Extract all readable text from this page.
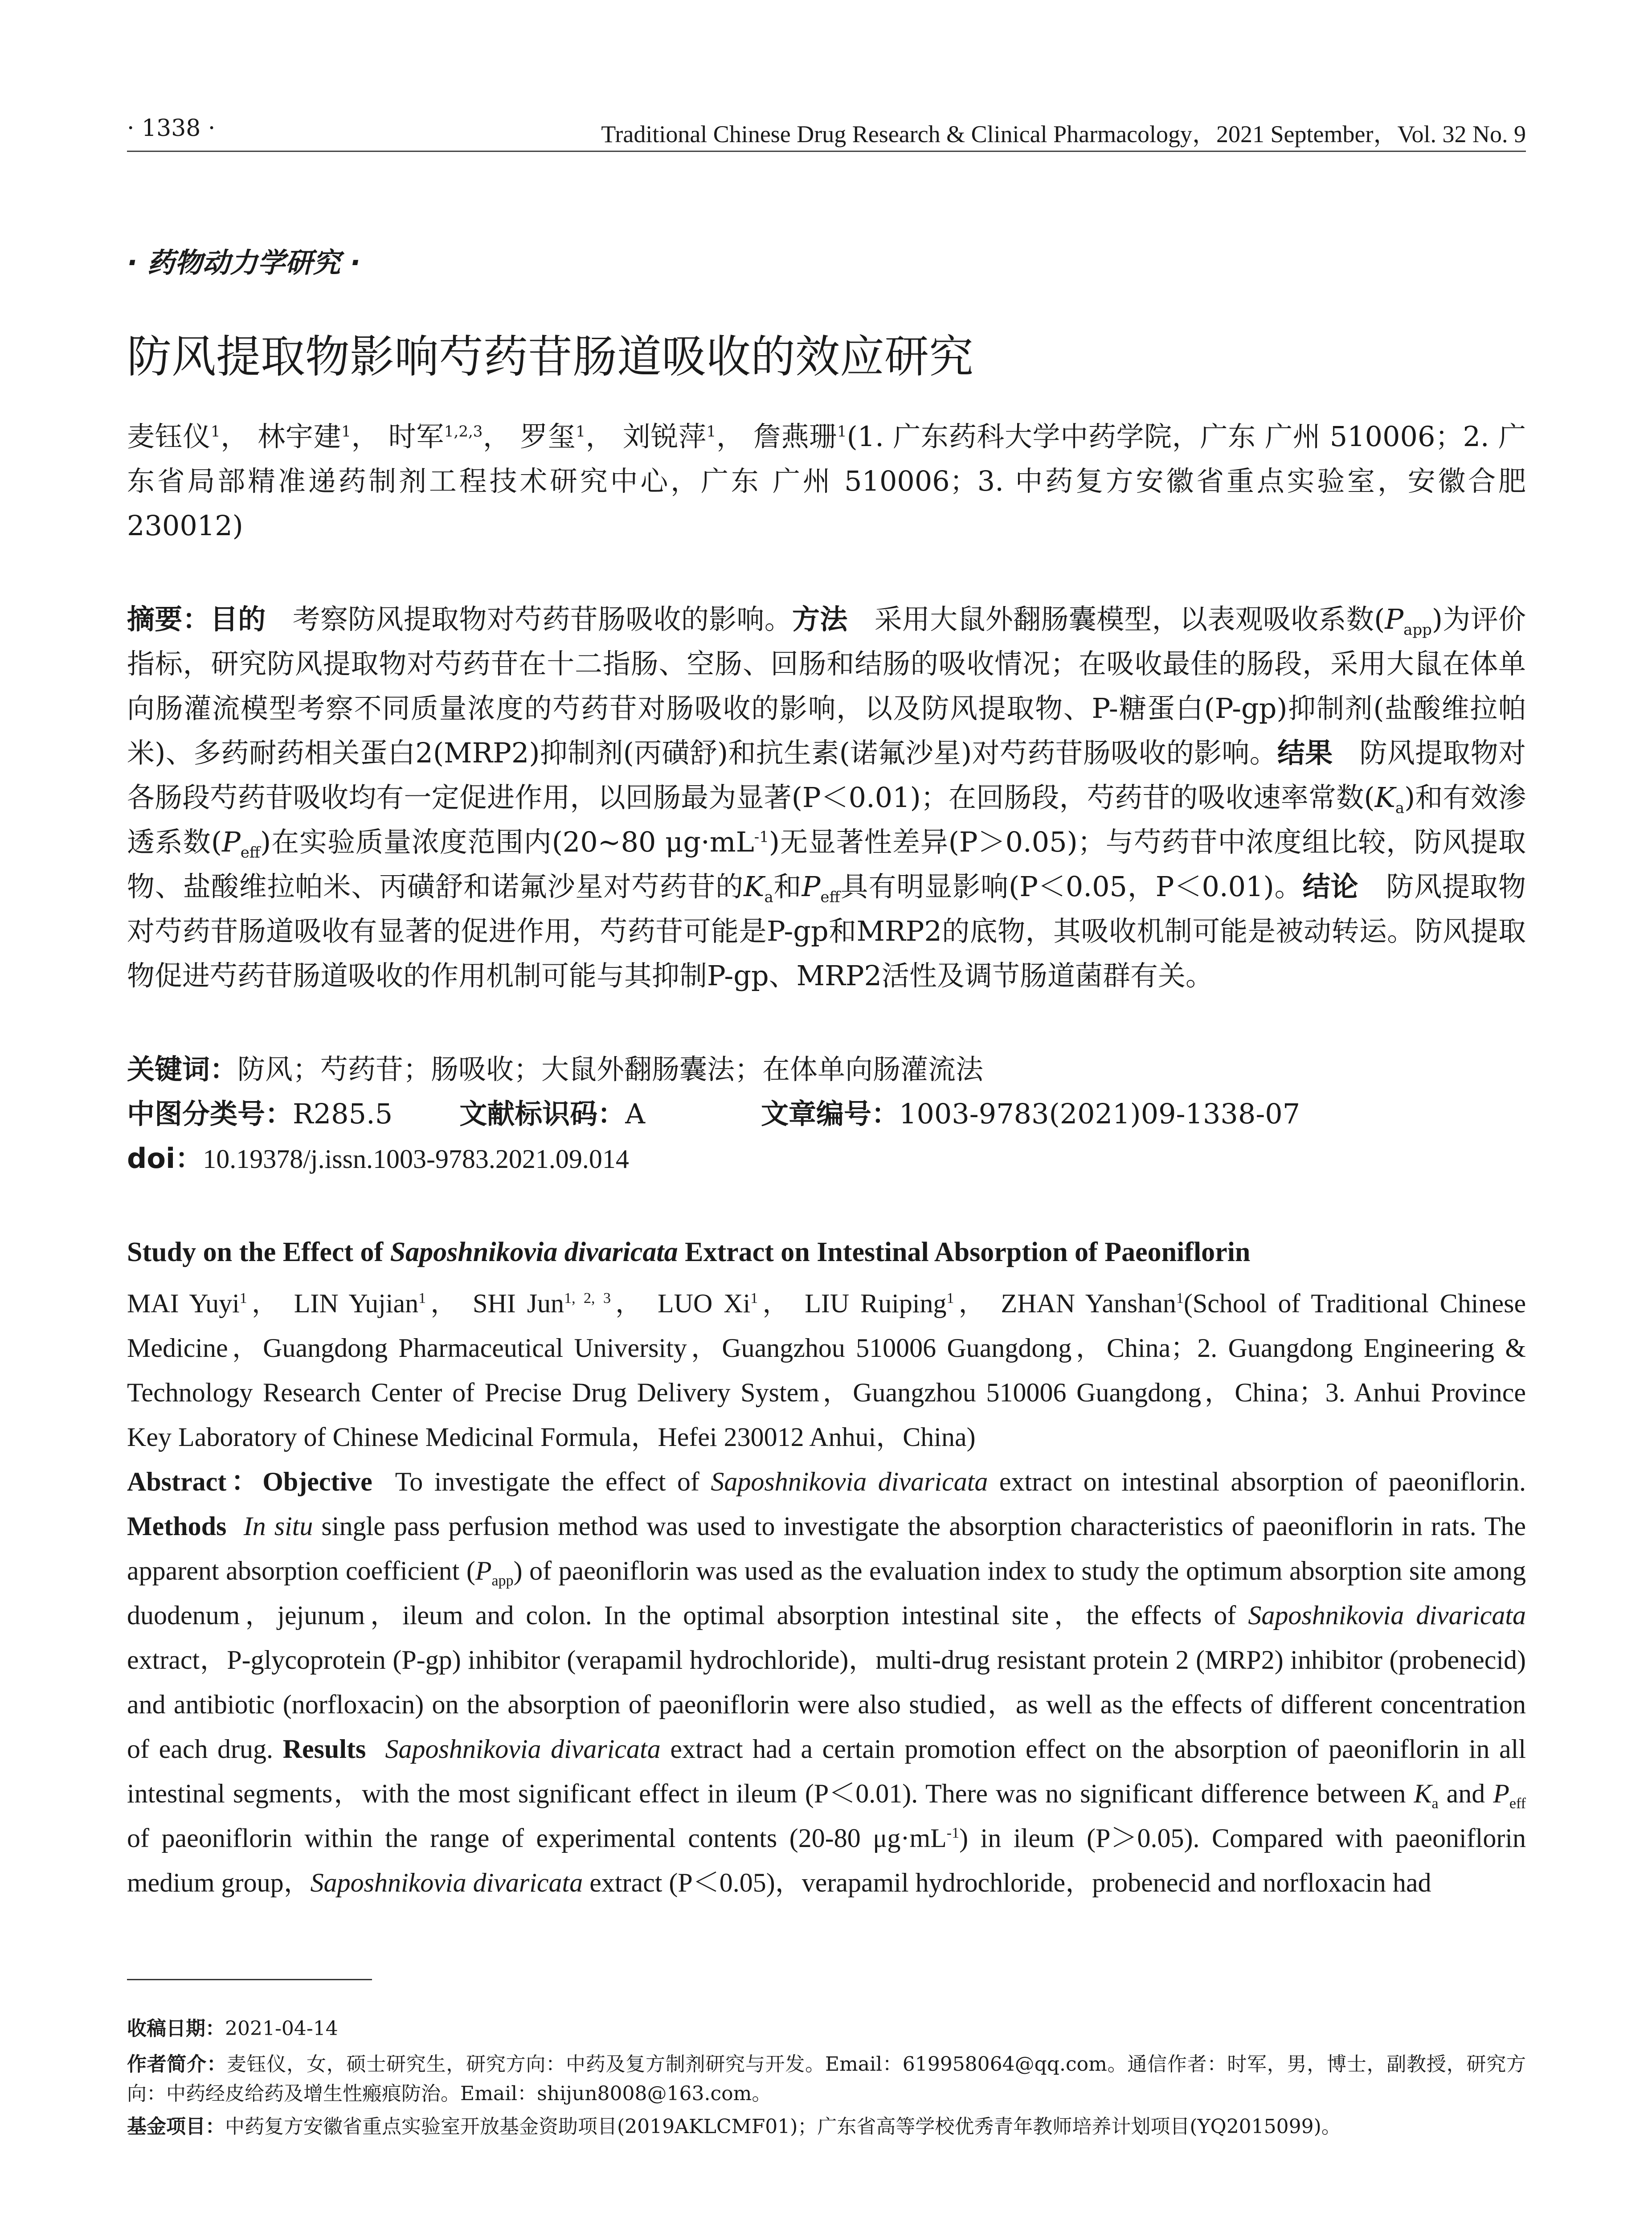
· 1338 ·	Traditional Chinese Drug Research & Clinical Pharmacology，2021 September，Vol. 32 No. 9
· 药物动力学研究 ·
防风提取物影响芍药苷肠道吸收的效应研究
麦钰仪$^1$， 林宇建$^1$， 时军$^{1,2,3}$， 罗玺$^1$， 刘锐萍$^1$， 詹燕珊$^1$(1. 广东药科大学中药学院，广东 广州 510006；2. 广东省局部精准递药制剂工程技术研究中心，广东 广州 510006；3. 中药复方安徽省重点实验室，安徽合肥 230012)
摘要：目的 考察防风提取物对芍药苷肠吸收的影响。方法 采用大鼠外翻肠囊模型，以表观吸收系数$(P_{app})$为评价指标，研究防风提取物对芍药苷在十二指肠、空肠、回肠和结肠的吸收情况；在吸收最佳的肠段，采用大鼠在体单向肠灌流模型考察不同质量浓度的芍药苷对肠吸收的影响，以及防风提取物、P-糖蛋白(P-gp)抑制剂(盐酸维拉帕米)、多药耐药相关蛋白2(MRP2)抑制剂(丙磺舒)和抗生素(诺氟沙星)对芍药苷肠吸收的影响。结果 防风提取物对各肠段芍药苷吸收均有一定促进作用，以回肠最为显著(P＜0.01)；在回肠段，芍药苷的吸收速率常数$(K_a)$和有效渗透系数$(P_{eff})$在实验质量浓度范围内(20~80 $\mu g\cdot mL^{-1}$)无显著性差异(P＞0.05)；与芍药苷中浓度组比较，防风提取物、盐酸维拉帕米、丙磺舒和诺氟沙星对芍药苷的$K_a$和$P_{eff}$具有明显影响(P＜0.05，P＜0.01)。结论 防风提取物对芍药苷肠道吸收有显著的促进作用，芍药苷可能是P-gp和MRP2的底物，其吸收机制可能是被动转运。防风提取物促进芍药苷肠道吸收的作用机制可能与其抑制P-gp、MRP2活性及调节肠道菌群有关。
关键词：防风；芍药苷；肠吸收；大鼠外翻肠囊法；在体单向肠灌流法
中图分类号：R285.5 文献标识码：A	文章编号：1003-9783(2021)09-1338-07
doi：10.19378/j.issn.1003-9783.2021.09.014
Study on the Effect of Saposhnikovia divaricata Extract on Intestinal Absorption of Paeoniflorin
MAI Yuyi$^1$， LIN Yujian$^1$， SHI Jun$^{1, 2, 3}$， LUO Xi$^1$， LIU Ruiping$^1$， ZHAN Yanshan$^1$(School of Traditional Chinese Medicine，Guangdong Pharmaceutical University，Guangzhou 510006 Guangdong，China；2. Guangdong Engineering & Technology Research Center of Precise Drug Delivery System，Guangzhou 510006 Guangdong，China；3. Anhui Province Key Laboratory of Chinese Medicinal Formula，Hefei 230012 Anhui，China)
Abstract：Objective To investigate the effect of Saposhnikovia divaricata extract on intestinal absorption of paeoniflorin. Methods In situ single pass perfusion method was used to investigate the absorption characteristics of paeoniflorin in rats. The apparent absorption coefficient $(P_{app})$ of paeoniflorin was used as the evaluation index to study the optimum absorption site among duodenum，jejunum，ileum and colon. In the optimal absorption intestinal site，the effects of Saposhnikovia divaricata extract，P-glycoprotein (P-gp) inhibitor (verapamil hydrochloride)，multi-drug resistant protein 2 (MRP2) inhibitor (probenecid) and antibiotic (norfloxacin) on the absorption of paeoniflorin were also studied，as well as the effects of different concentration of each drug. Results Saposhnikovia divaricata extract had a certain promotion effect on the absorption of paeoniflorin in all intestinal segments，with the most significant effect in ileum (P＜0.01). There was no significant difference between $K_a$ and $P_{eff}$ of paeoniflorin within the range of experimental contents (20-80 $\mu g\cdot mL^{-1}$) in ileum (P＞0.05). Compared with paeoniflorin medium group，Saposhnikovia divaricata extract (P＜0.05)，verapamil hydrochloride，probenecid and norfloxacin had
收稿日期：2021-04-14
作者简介：麦钰仪，女，硕士研究生，研究方向：中药及复方制剂研究与开发。Email：619958064@qq.com。通信作者：时军，男，博士，副教授，研究方向：中药经皮给药及增生性瘢痕防治。Email：shijun8008@163.com。
基金项目：中药复方安徽省重点实验室开放基金资助项目(2019AKLCMF01)；广东省高等学校优秀青年教师培养计划项目(YQ2015099)。
